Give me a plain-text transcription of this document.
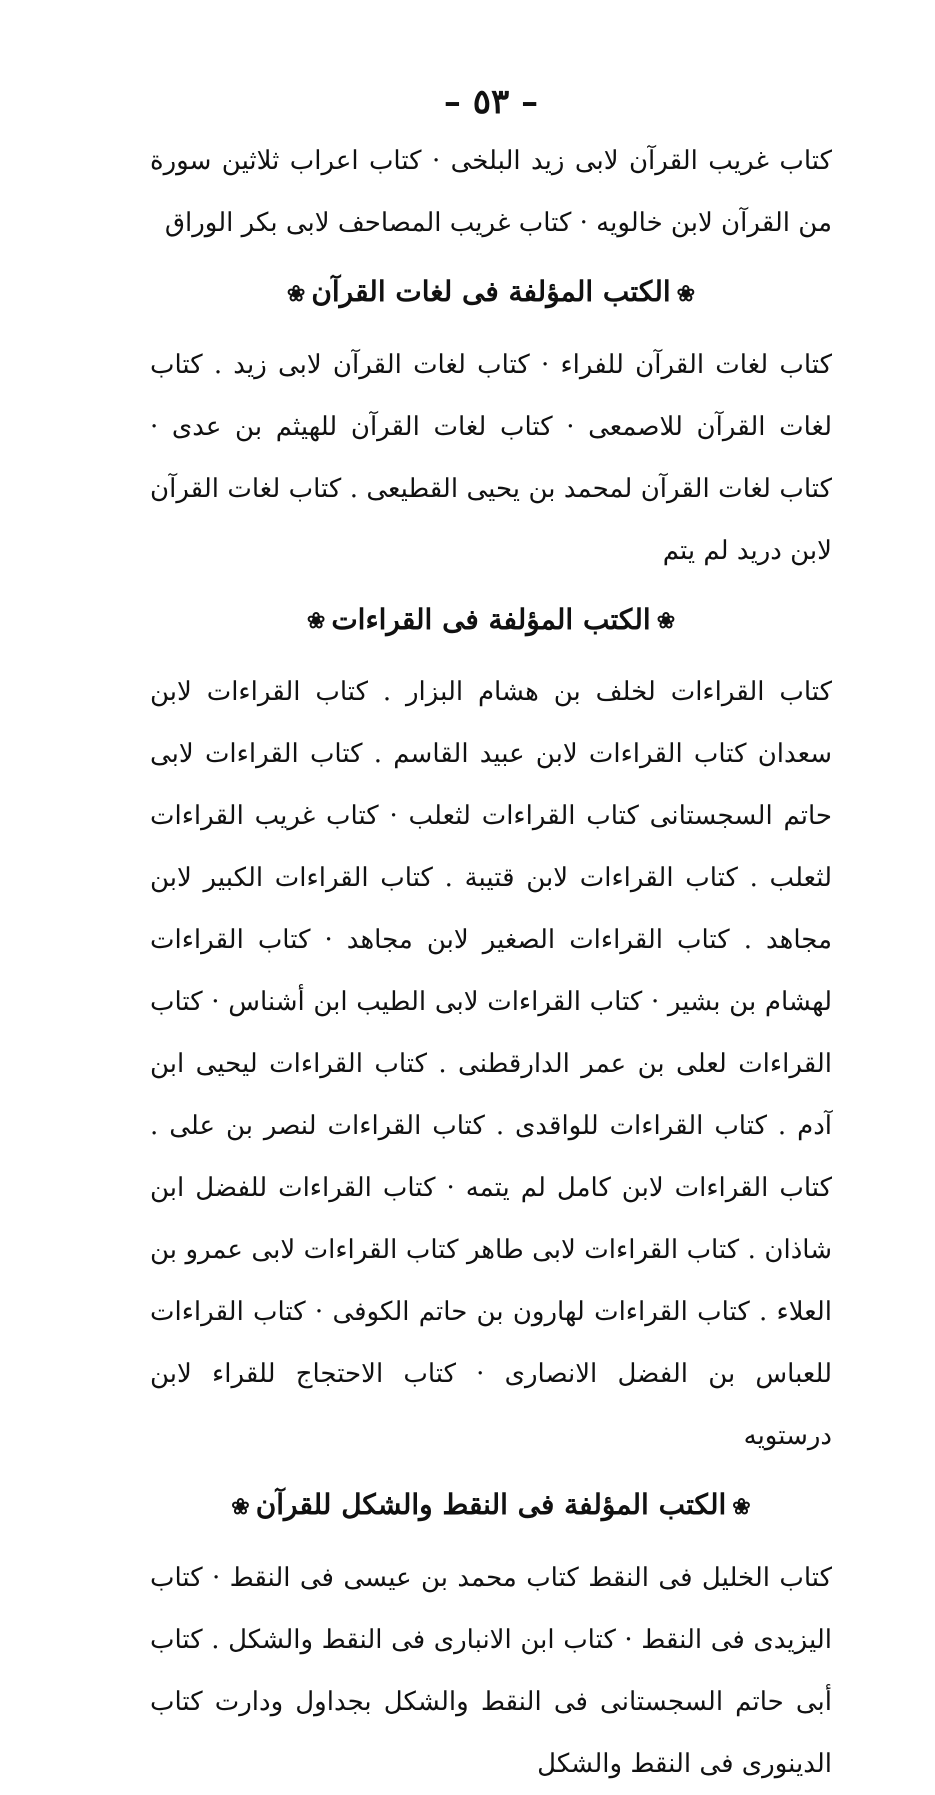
– ٥٣ –

كتاب غريب القرآن لابى زيد البلخى · كتاب اعراب ثلاثين سورة من القرآن لابن خالويه · كتاب غريب المصاحف لابى بكر الوراق

❀الكتب المؤلفة فى لغات القرآن❀

كتاب لغات القرآن للفراء · كتاب لغات القرآن لابى زيد . كتاب لغات القرآن للاصمعى · كتاب لغات القرآن للهيثم بن عدى · كتاب لغات القرآن لمحمد بن يحيى القطيعى . كتاب لغات القرآن لابن دريد لم يتم

❀الكتب المؤلفة فى القراءات❀

كتاب القراءات لخلف بن هشام البزار . كتاب القراءات لابن سعدان كتاب القراءات لابن عبيد القاسم . كتاب القراءات لابى حاتم السجستانى كتاب القراءات لثعلب · كتاب غريب القراءات لثعلب . كتاب القراءات لابن قتيبة . كتاب القراءات الكبير لابن مجاهد . كتاب القراءات الصغير لابن مجاهد · كتاب القراءات لهشام بن بشير · كتاب القراءات لابى الطيب ابن أشناس · كتاب القراءات لعلى بن عمر الدارقطنى . كتاب القراءات ليحيى ابن آدم . كتاب القراءات للواقدى . كتاب القراءات لنصر بن على . كتاب القراءات لابن كامل لم يتمه · كتاب القراءات للفضل ابن شاذان . كتاب القراءات لابى طاهر كتاب القراءات لابى عمرو بن العلاء . كتاب القراءات لهارون بن حاتم الكوفى · كتاب القراءات للعباس بن الفضل الانصارى · كتاب الاحتجاج للقراء لابن درستويه

❀الكتب المؤلفة فى النقط والشكل للقرآن❀

كتاب الخليل فى النقط كتاب محمد بن عيسى فى النقط · كتاب اليزيدى فى النقط · كتاب ابن الانبارى فى النقط والشكل . كتاب أبى حاتم السجستانى فى النقط والشكل بجداول ودارت كتاب الدينورى فى النقط والشكل
